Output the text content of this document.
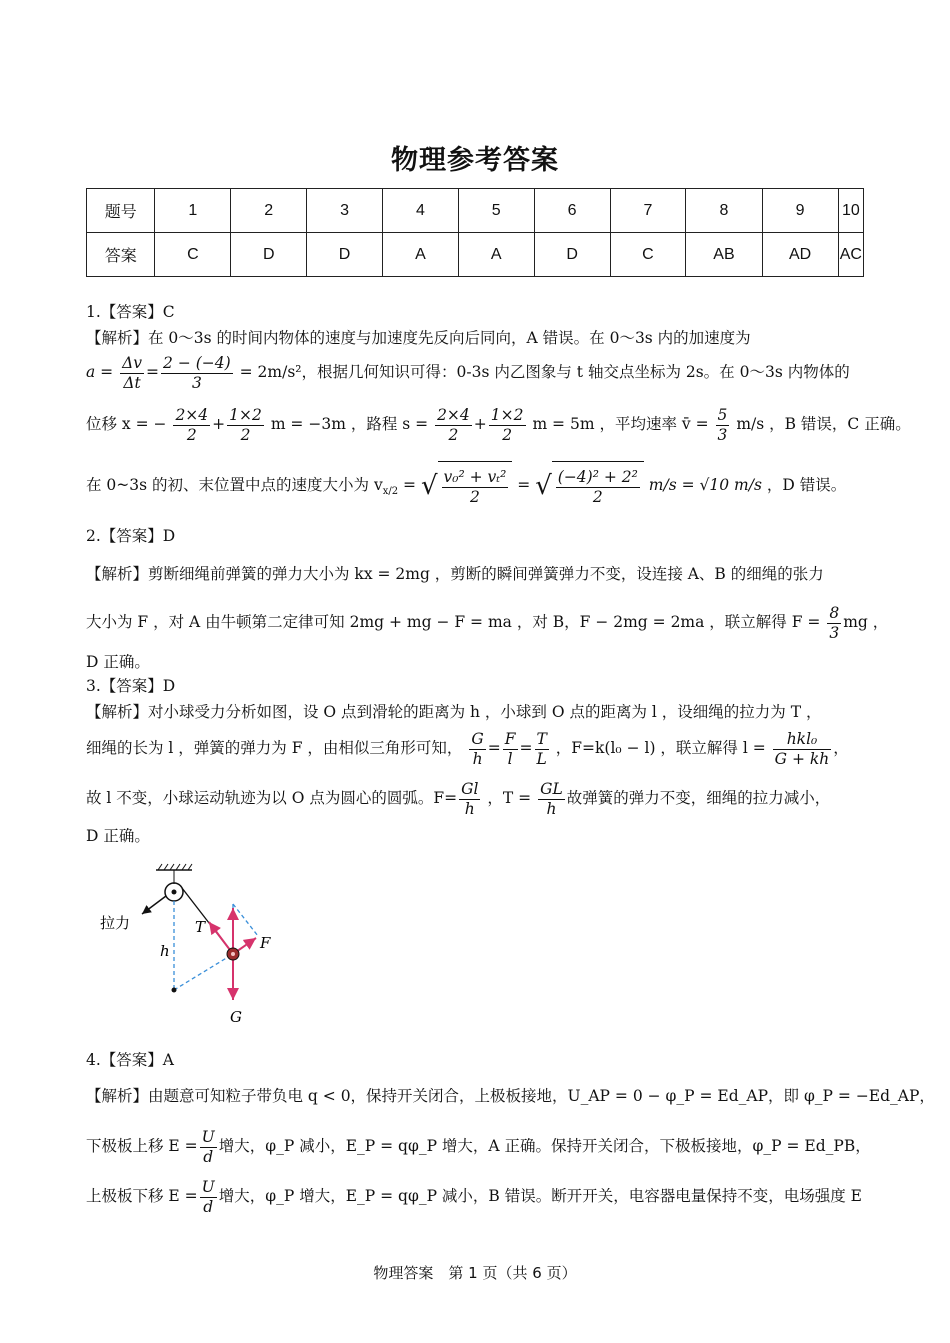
物理参考答案
题号	1	2	3	4	5	6	7	8	9	10
答案	C	D	D	A	A	D	C	AB	AD	AC
1.【答案】C
【解析】在 0～3s 的时间内物体的速度与加速度先反向后同向，A 错误。在 0～3s 内的加速度为
$a = \frac{\Delta v}{\Delta t} = \frac{2 - (-4)}{3} = 2m/s^2$，根据几何知识可得：0-3s 内乙图象与 t 轴交点坐标为 2s。在 0～3s 内物体的
位移 x = − $\frac{2\times 4}{2} + \frac{1\times 2}{2}$ m = −3m ，路程 $s = \frac{2\times 4}{2} + \frac{1\times 2}{2}$ m = 5m ，平均速率 v̄ = $\frac{5}{3} m/s$ ，B 错误，C 正确。
在 0~3s 的初、末位置中点的速度大小为 $v_{x/2}$ = √ $\frac{\text{v₀² + vₜ²}}{2}$ = √ $\frac{\text{(−4)² + 2²}}{2} m/s = √10$ m/s ，D 错误。
2.【答案】D
【解析】剪断细绳前弹簧的弹力大小为 kx = 2mg ，剪断的瞬间弹簧弹力不变，设连接 A、B 的细绳的张力
大小为 F ，对 A 由牛顿第二定律可知 2mg + mg − F = ma ，对 B，F − 2mg = 2ma ，联立解得 $F = \frac{8}{3}$ mg ，
D 正确。
3.【答案】D
【解析】对小球受力分析如图，设 O 点到滑轮的距离为 h ，小球到 O 点的距离为 l ，设细绳的拉力为 T ，
细绳的长为 l ，弹簧的弹力为 F ，由相似三角形可知， $\frac{G}{h} = \frac{F}{l} = \frac{T}{L}$ ，F=k(l₀ − l) ，联立解得 $l = \frac{\text{hkl₀}}{G + kh}$ ，
故 l 不变，小球运动轨迹为以 O 点为圆心的圆弧。$F= \frac{Gl}{h}$ ，$T = \frac{GL}{h}$ 故弹簧的弹力不变，细绳的拉力减小，
D 正确。
拉力	T
F
h
G
4.【答案】A
【解析】由题意可知粒子带负电 q < 0，保持开关闭合，上极板接地，U_AP = 0 − φ_P = Ed_AP，即 φ_P = −Ed_AP，
下极板上移 $E = \frac{U}{d}$ 增大，φ_P 减小，E_P = qφ_P 增大，A 正确。保持开关闭合，下极板接地，φ_P = Ed_PB，
上极板下移 $E = \frac{U}{d}$ 增大，φ_P 增大，E_P = qφ_P 减小，B 错误。断开开关，电容器电量保持不变，电场强度 E
物理答案　第 1 页（共 6 页）
